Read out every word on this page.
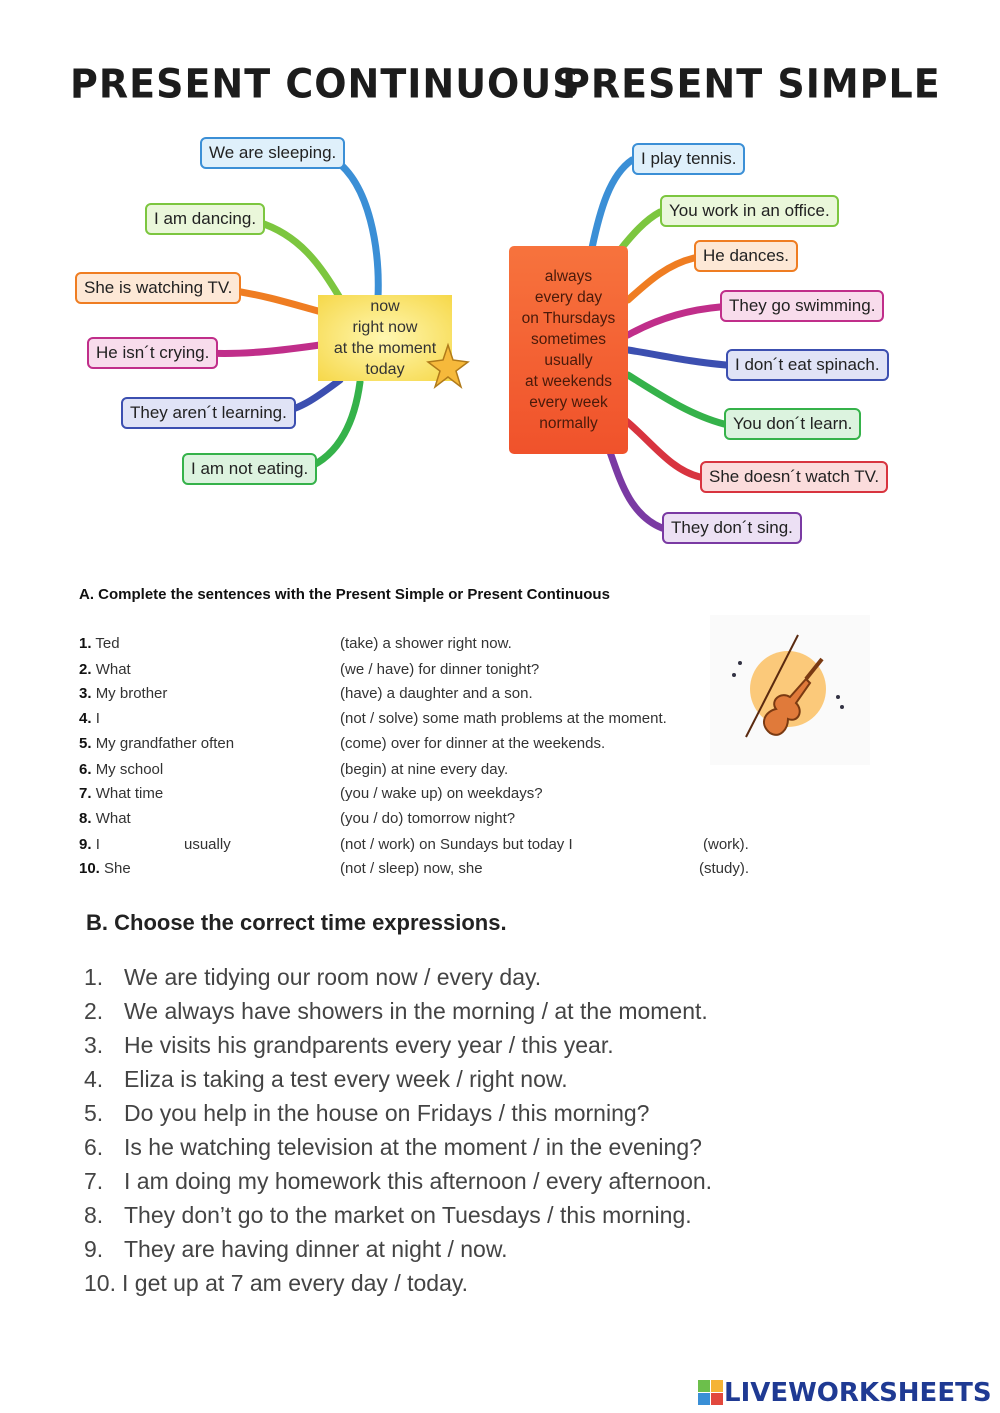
PRESENT CONTINUOUS
PRESENT SIMPLE
now
right now
at the moment
today
We are sleeping.
I am dancing.
She is watching TV.
He isn´t crying.
They aren´t learning.
I am not eating.
always
every day
on Thursdays
sometimes
usually
at weekends
every week
normally
I play tennis.
You work in an office.
He dances.
They go swimming.
I don´t eat spinach.
You don´t learn.
She doesn´t watch TV.
They don´t sing.
A. Complete the sentences with the Present Simple or Present Continuous
1. Ted	(take) a shower right now.
2. What	(we / have) for dinner tonight?
3. My brother	(have) a daughter and a son.
4. I	(not / solve) some math problems at the moment.
5. My grandfather often	(come) over for dinner at the weekends.
6. My school	(begin) at nine every day.
7. What time	(you / wake up) on weekdays?
8. What	(you / do) tomorrow night?
9. I	usually	(not / work) on Sundays but today I	(work).
10. She	(not / sleep) now, she	(study).
B. Choose the correct time expressions.
1. We are tidying our room now / every day.
2. We always have showers in the morning / at the moment.
3. He visits his grandparents every year / this year.
4. Eliza is taking a test every week / right now.
5. Do you help in the house on Fridays / this morning?
6. Is he watching television at the moment / in the evening?
7. I am doing my homework this afternoon / every afternoon.
8. They don’t go to the market on Tuesdays / this morning.
9. They are having dinner at night / now.
10. I get up at 7 am every day / today.
LIVEWORKSHEETS
